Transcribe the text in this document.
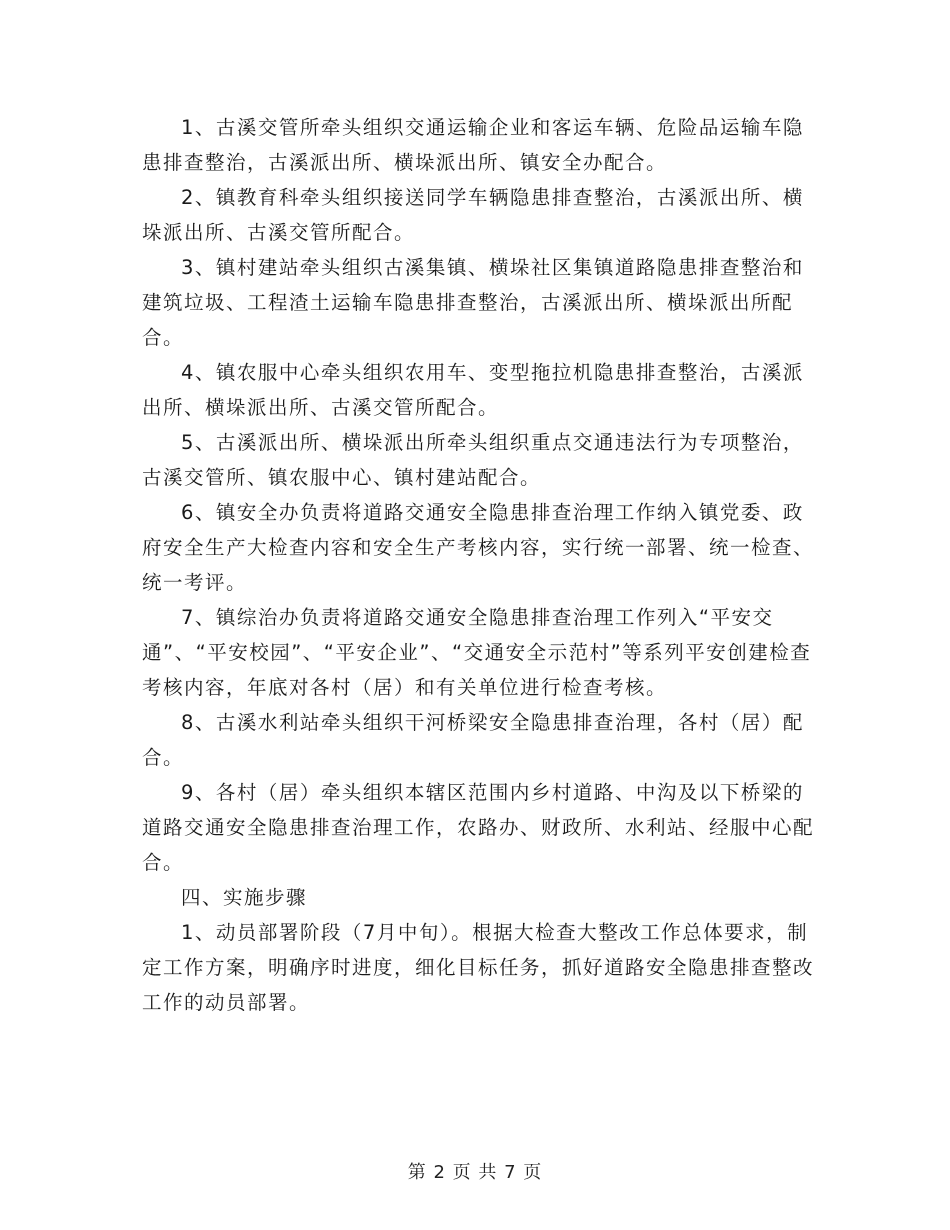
1、古溪交管所牵头组织交通运输企业和客运车辆、危险品运输车隐患排查整治，古溪派出所、横垛派出所、镇安全办配合。

2、镇教育科牵头组织接送同学车辆隐患排查整治，古溪派出所、横垛派出所、古溪交管所配合。

3、镇村建站牵头组织古溪集镇、横垛社区集镇道路隐患排查整治和建筑垃圾、工程渣土运输车隐患排查整治，古溪派出所、横垛派出所配合。

4、镇农服中心牵头组织农用车、变型拖拉机隐患排查整治，古溪派出所、横垛派出所、古溪交管所配合。

5、古溪派出所、横垛派出所牵头组织重点交通违法行为专项整治，古溪交管所、镇农服中心、镇村建站配合。

6、镇安全办负责将道路交通安全隐患排查治理工作纳入镇党委、政府安全生产大检查内容和安全生产考核内容，实行统一部署、统一检查、统一考评。

7、镇综治办负责将道路交通安全隐患排查治理工作列入“平安交通”、“平安校园”、“平安企业”、“交通安全示范村”等系列平安创建检查考核内容，年底对各村（居）和有关单位进行检查考核。

8、古溪水利站牵头组织干河桥梁安全隐患排查治理，各村（居）配合。

9、各村（居）牵头组织本辖区范围内乡村道路、中沟及以下桥梁的道路交通安全隐患排查治理工作，农路办、财政所、水利站、经服中心配合。

四、实施步骤

1、动员部署阶段（7月中旬）。根据大检查大整改工作总体要求，制定工作方案，明确序时进度，细化目标任务，抓好道路安全隐患排查整改工作的动员部署。

第 2 页 共 7 页
